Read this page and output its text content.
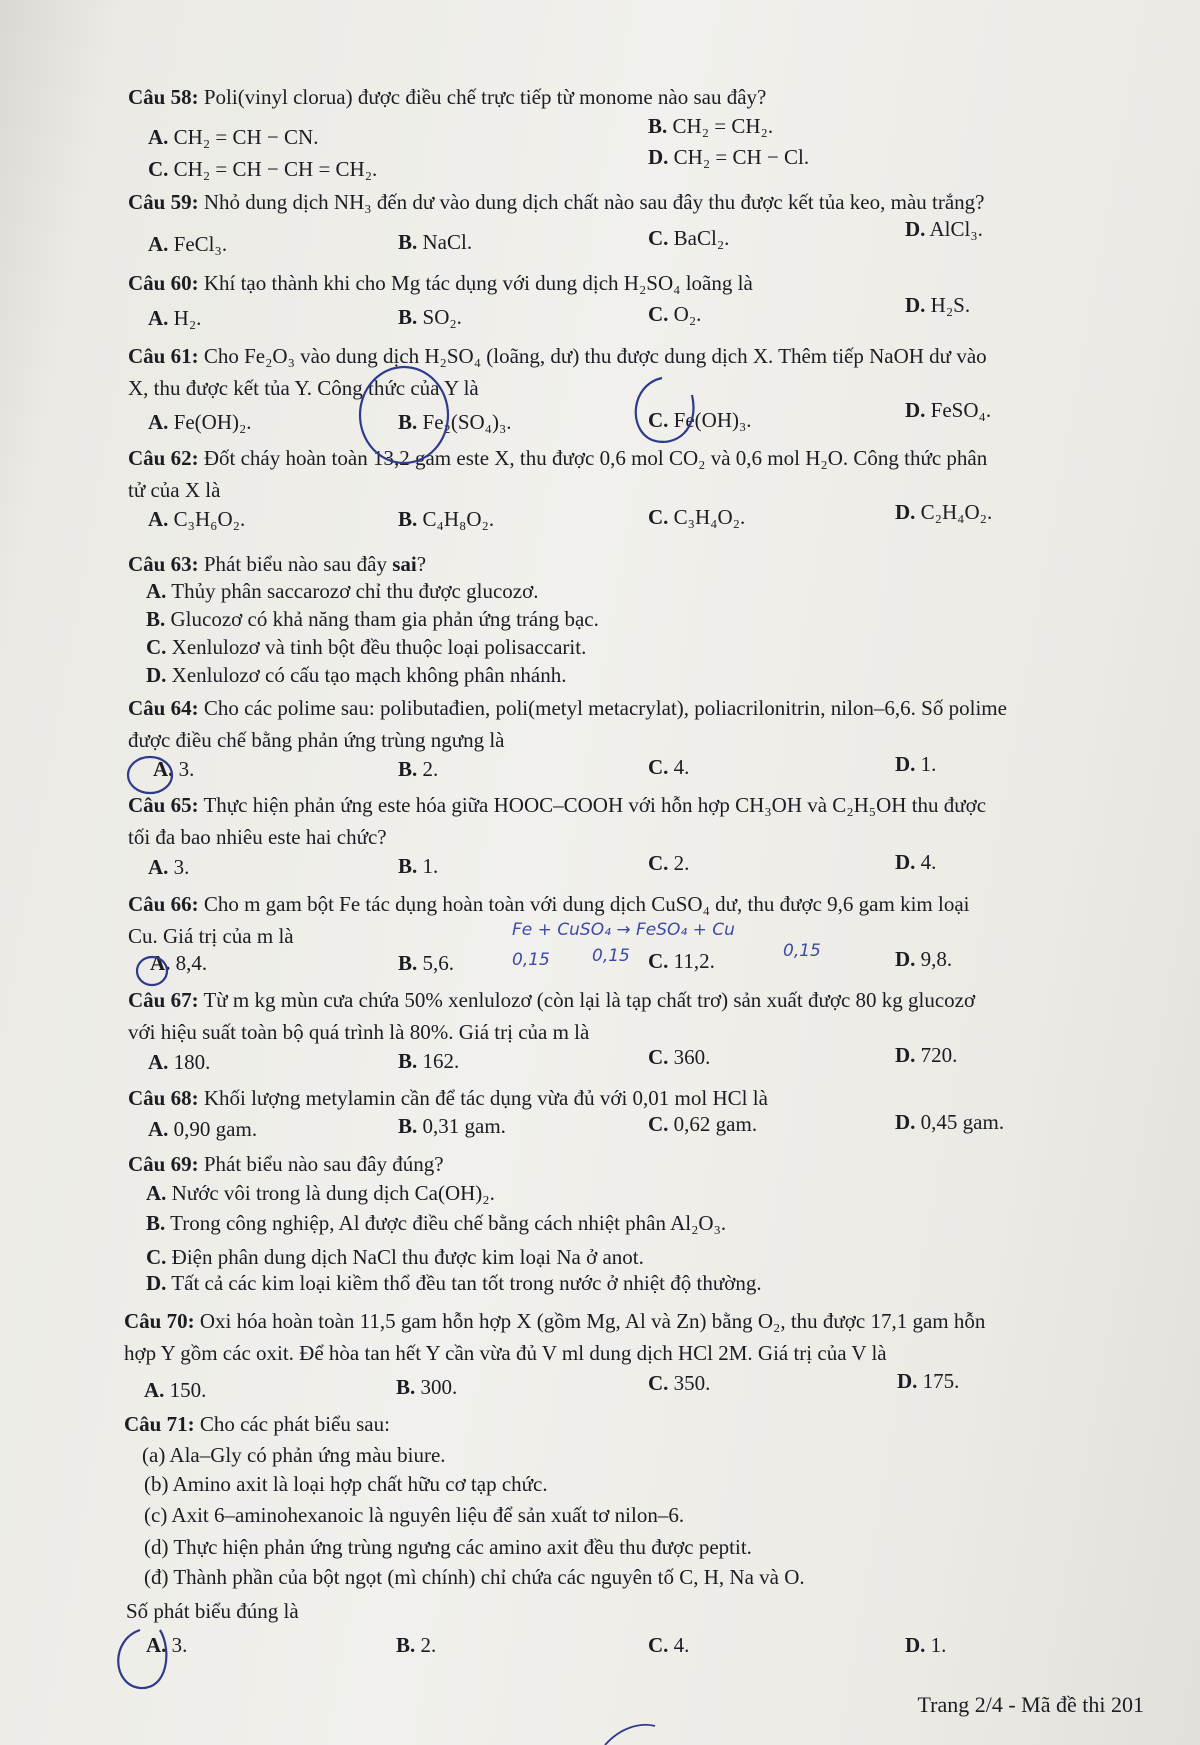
Câu 58: Poli(vinyl clorua) được điều chế trực tiếp từ monome nào sau đây?
A. CH₂ = CH − CN.	B. CH₂ = CH₂.
C. CH₂ = CH − CH = CH₂.	D. CH₂ = CH − Cl.
Câu 59: Nhỏ dung dịch NH₃ đến dư vào dung dịch chất nào sau đây thu được kết tủa keo, màu trắng?
A. FeCl₃.	B. NaCl.	C. BaCl₂.	D. AlCl₃.
Câu 60: Khí tạo thành khi cho Mg tác dụng với dung dịch H₂SO₄ loãng là
A. H₂.	B. SO₂.	C. O₂.	D. H₂S.
Câu 61: Cho Fe₂O₃ vào dung dịch H₂SO₄ (loãng, dư) thu được dung dịch X. Thêm tiếp NaOH dư vào
X, thu được kết tủa Y. Công thức của Y là
A. Fe(OH)₂.	B. Fe₂(SO₄)₃.	C. Fe(OH)₃.	D. FeSO₄.
Câu 62: Đốt cháy hoàn toàn 13,2 gam este X, thu được 0,6 mol CO₂ và 0,6 mol H₂O. Công thức phân
tử của X là
A. C₃H₆O₂.	B. C₄H₈O₂.	C. C₃H₄O₂.	D. C₂H₄O₂.
Câu 63: Phát biểu nào sau đây sai?
A. Thủy phân saccarozơ chỉ thu được glucozơ.
B. Glucozơ có khả năng tham gia phản ứng tráng bạc.
C. Xenlulozơ và tinh bột đều thuộc loại polisaccarit.
D. Xenlulozơ có cấu tạo mạch không phân nhánh.
Câu 64: Cho các polime sau: polibutađien, poli(metyl metacrylat), poliacrilonitrin, nilon–6,6. Số polime
được điều chế bằng phản ứng trùng ngưng là
A. 3.	B. 2.	C. 4.	D. 1.
Câu 65: Thực hiện phản ứng este hóa giữa HOOC–COOH với hỗn hợp CH₃OH và C₂H₅OH thu được
tối đa bao nhiêu este hai chức?
A. 3.	B. 1.	C. 2.	D. 4.
Câu 66: Cho m gam bột Fe tác dụng hoàn toàn với dung dịch CuSO₄ dư, thu được 9,6 gam kim loại
Cu. Giá trị của m là
A. 8,4.	B. 5,6.	C. 11,2.	D. 9,8.
Fe + CuSO₄ → FeSO₄ + Cu
0,15 0,15	0,15
Câu 67: Từ m kg mùn cưa chứa 50% xenlulozơ (còn lại là tạp chất trơ) sản xuất được 80 kg glucozơ
với hiệu suất toàn bộ quá trình là 80%. Giá trị của m là
A. 180.	B. 162.	C. 360.	D. 720.
Câu 68: Khối lượng metylamin cần để tác dụng vừa đủ với 0,01 mol HCl là
A. 0,90 gam.	B. 0,31 gam.	C. 0,62 gam.	D. 0,45 gam.
Câu 69: Phát biểu nào sau đây đúng?
A. Nước vôi trong là dung dịch Ca(OH)₂.
B. Trong công nghiệp, Al được điều chế bằng cách nhiệt phân Al₂O₃.
C. Điện phân dung dịch NaCl thu được kim loại Na ở anot.
D. Tất cả các kim loại kiềm thổ đều tan tốt trong nước ở nhiệt độ thường.
Câu 70: Oxi hóa hoàn toàn 11,5 gam hỗn hợp X (gồm Mg, Al và Zn) bằng O₂, thu được 17,1 gam hỗn
hợp Y gồm các oxit. Để hòa tan hết Y cần vừa đủ V ml dung dịch HCl 2M. Giá trị của V là
A. 150.	B. 300.	C. 350.	D. 175.
Câu 71: Cho các phát biểu sau:
(a) Ala–Gly có phản ứng màu biure.
(b) Amino axit là loại hợp chất hữu cơ tạp chức.
(c) Axit 6–aminohexanoic là nguyên liệu để sản xuất tơ nilon–6.
(d) Thực hiện phản ứng trùng ngưng các amino axit đều thu được peptit.
(đ) Thành phần của bột ngọt (mì chính) chỉ chứa các nguyên tố C, H, Na và O.
Số phát biểu đúng là
A. 3.	B. 2.	C. 4.	D. 1.
Trang 2/4 - Mã đề thi 201
